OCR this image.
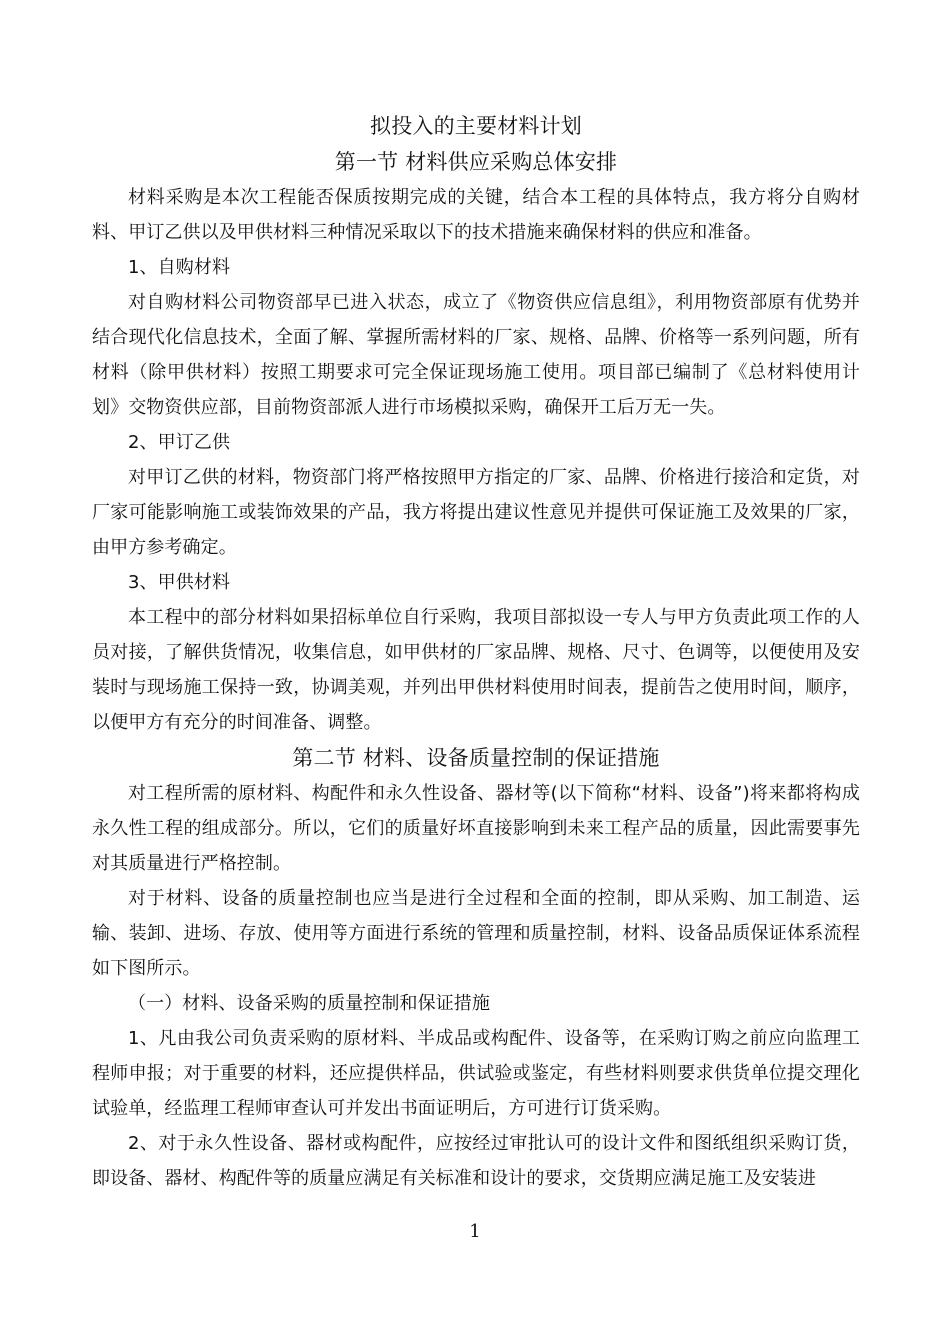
拟投入的主要材料计划
第一节 材料供应采购总体安排

材料采购是本次工程能否保质按期完成的关键，结合本工程的具体特点，我方将分自购材料、甲订乙供以及甲供材料三种情况采取以下的技术措施来确保材料的供应和准备。

1、自购材料

对自购材料公司物资部早已进入状态，成立了《物资供应信息组》，利用物资部原有优势并结合现代化信息技术，全面了解、掌握所需材料的厂家、规格、品牌、价格等一系列问题，所有材料（除甲供材料）按照工期要求可完全保证现场施工使用。项目部已编制了《总材料使用计划》交物资供应部，目前物资部派人进行市场模拟采购，确保开工后万无一失。

2、甲订乙供

对甲订乙供的材料，物资部门将严格按照甲方指定的厂家、品牌、价格进行接洽和定货，对厂家可能影响施工或装饰效果的产品，我方将提出建议性意见并提供可保证施工及效果的厂家，由甲方参考确定。

3、甲供材料

本工程中的部分材料如果招标单位自行采购，我项目部拟设一专人与甲方负责此项工作的人员对接，了解供货情况，收集信息，如甲供材的厂家品牌、规格、尺寸、色调等，以便使用及安装时与现场施工保持一致，协调美观，并列出甲供材料使用时间表，提前告之使用时间，顺序，以便甲方有充分的时间准备、调整。

第二节 材料、设备质量控制的保证措施

对工程所需的原材料、构配件和永久性设备、器材等(以下简称“材料、设备”)将来都将构成永久性工程的组成部分。所以，它们的质量好坏直接影响到未来工程产品的质量，因此需要事先对其质量进行严格控制。

对于材料、设备的质量控制也应当是进行全过程和全面的控制，即从采购、加工制造、运输、装卸、进场、存放、使用等方面进行系统的管理和质量控制，材料、设备品质保证体系流程如下图所示。

（一）材料、设备采购的质量控制和保证措施

1、凡由我公司负责采购的原材料、半成品或构配件、设备等，在采购订购之前应向监理工程师申报；对于重要的材料，还应提供样品，供试验或鉴定，有些材料则要求供货单位提交理化试验单，经监理工程师审查认可并发出书面证明后，方可进行订货采购。

2、对于永久性设备、器材或构配件，应按经过审批认可的设计文件和图纸组织采购订货，即设备、器材、构配件等的质量应满足有关标准和设计的要求，交货期应满足施工及安装进

1
